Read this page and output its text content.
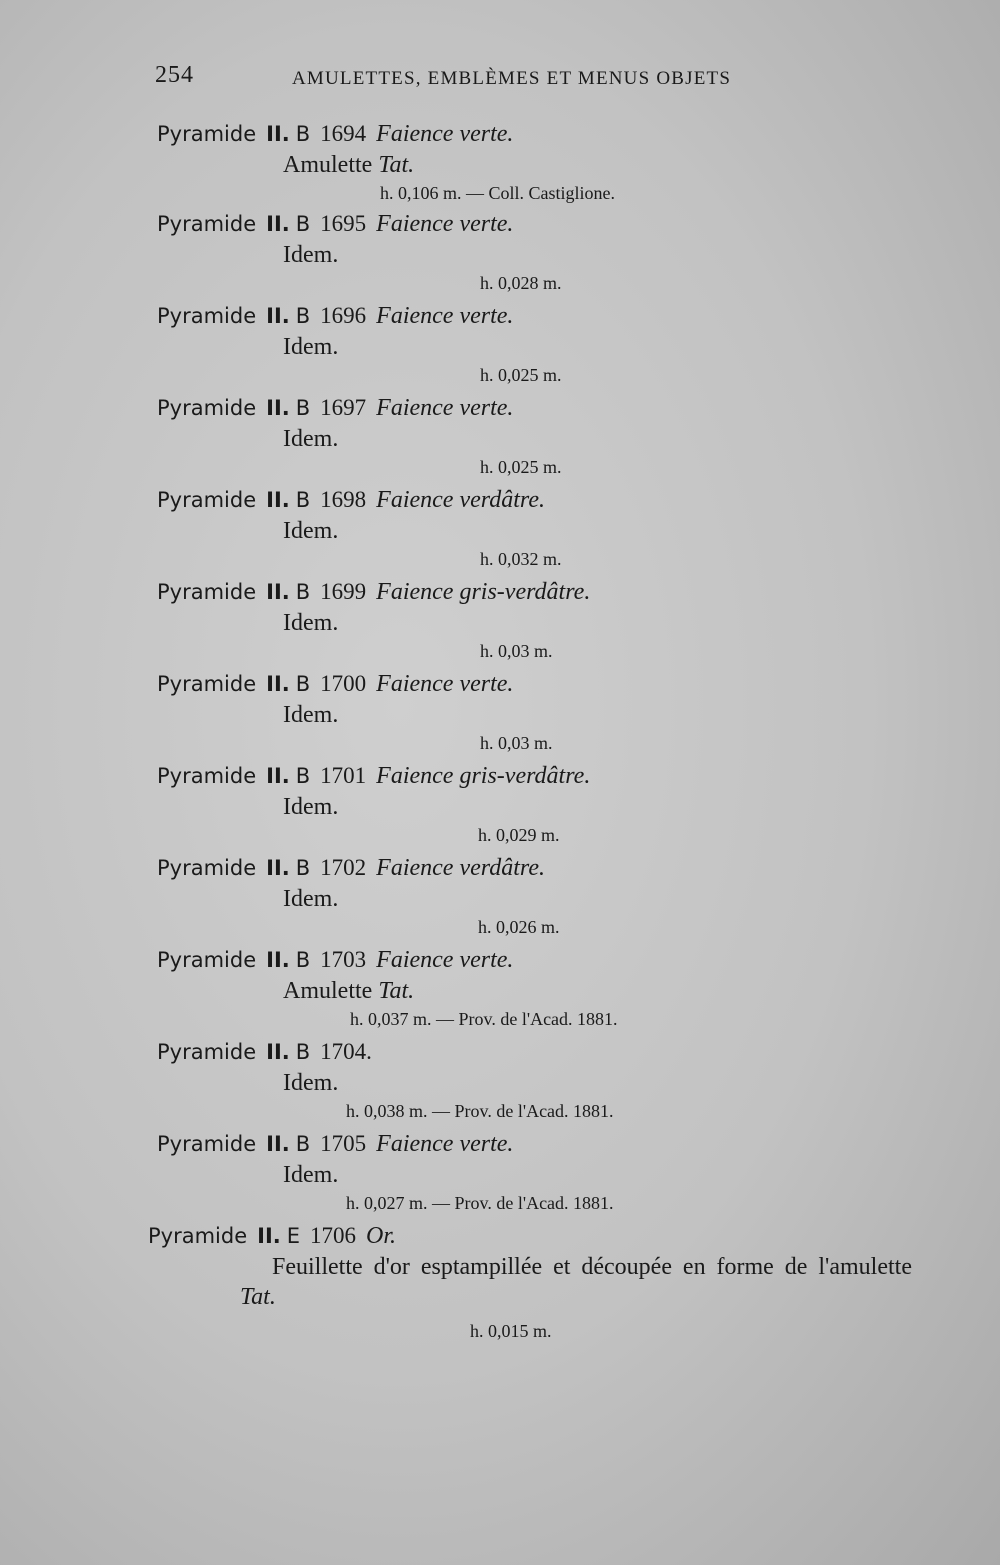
254	AMULETTES, EMBLÈMES ET MENUS OBJETS
Pyramide II. B 1694 Faience verte.
Amulette Tat.
h. 0,106 m. — Coll. Castiglione.
Pyramide II. B 1695 Faience verte.
Idem.
h. 0,028 m.
Pyramide II. B 1696 Faience verte.
Idem.
h. 0,025 m.
Pyramide II. B 1697 Faience verte.
Idem.
h. 0,025 m.
Pyramide II. B 1698 Faience verdâtre.
Idem.
h. 0,032 m.
Pyramide II. B 1699 Faience gris-verdâtre.
Idem.
h. 0,03 m.
Pyramide II. B 1700 Faience verte.
Idem.
h. 0,03 m.
Pyramide II. B 1701 Faience gris-verdâtre.
Idem.
h. 0,029 m.
Pyramide II. B 1702 Faience verdâtre.
Idem.
h. 0,026 m.
Pyramide II. B 1703 Faience verte.
Amulette Tat.
h. 0,037 m. — Prov. de l'Acad. 1881.
Pyramide II. B 1704.
Idem.
h. 0,038 m. — Prov. de l'Acad. 1881.
Pyramide II. B 1705 Faience verte.
Idem.
h. 0,027 m. — Prov. de l'Acad. 1881.
Pyramide II. E 1706 Or.
Feuillette d'or esptampillée et découpée en forme de l'amulette Tat.
h. 0,015 m.
